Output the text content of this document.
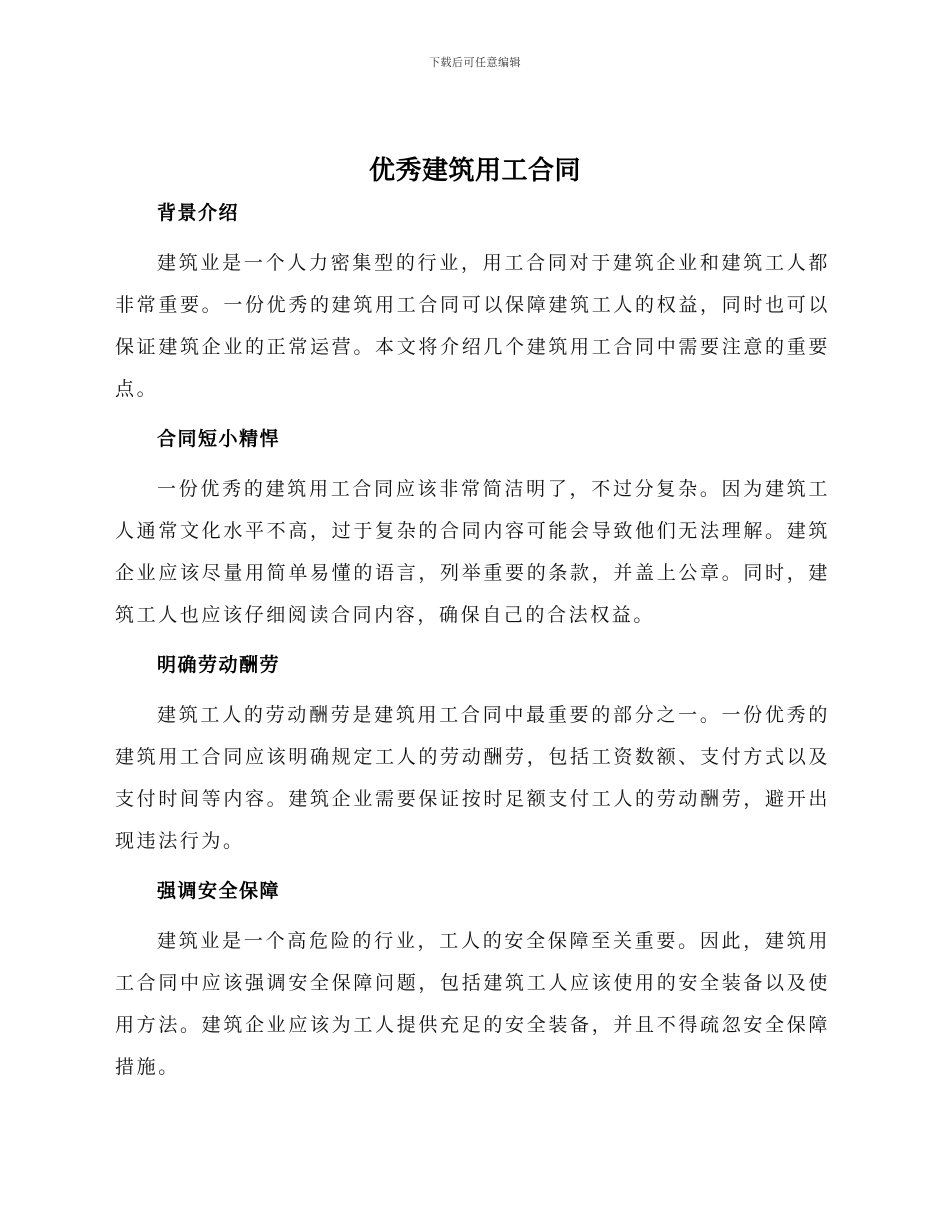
下载后可任意编辑
优秀建筑用工合同
背景介绍

建筑业是一个人力密集型的行业，用工合同对于建筑企业和建筑工人都非常重要。一份优秀的建筑用工合同可以保障建筑工人的权益，同时也可以保证建筑企业的正常运营。本文将介绍几个建筑用工合同中需要注意的重要点。

合同短小精悍

一份优秀的建筑用工合同应该非常简洁明了，不过分复杂。因为建筑工人通常文化水平不高，过于复杂的合同内容可能会导致他们无法理解。建筑企业应该尽量用简单易懂的语言，列举重要的条款，并盖上公章。同时，建筑工人也应该仔细阅读合同内容，确保自己的合法权益。

明确劳动酬劳

建筑工人的劳动酬劳是建筑用工合同中最重要的部分之一。一份优秀的建筑用工合同应该明确规定工人的劳动酬劳，包括工资数额、支付方式以及支付时间等内容。建筑企业需要保证按时足额支付工人的劳动酬劳，避开出现违法行为。

强调安全保障

建筑业是一个高危险的行业，工人的安全保障至关重要。因此，建筑用工合同中应该强调安全保障问题，包括建筑工人应该使用的安全装备以及使用方法。建筑企业应该为工人提供充足的安全装备，并且不得疏忽安全保障措施。
